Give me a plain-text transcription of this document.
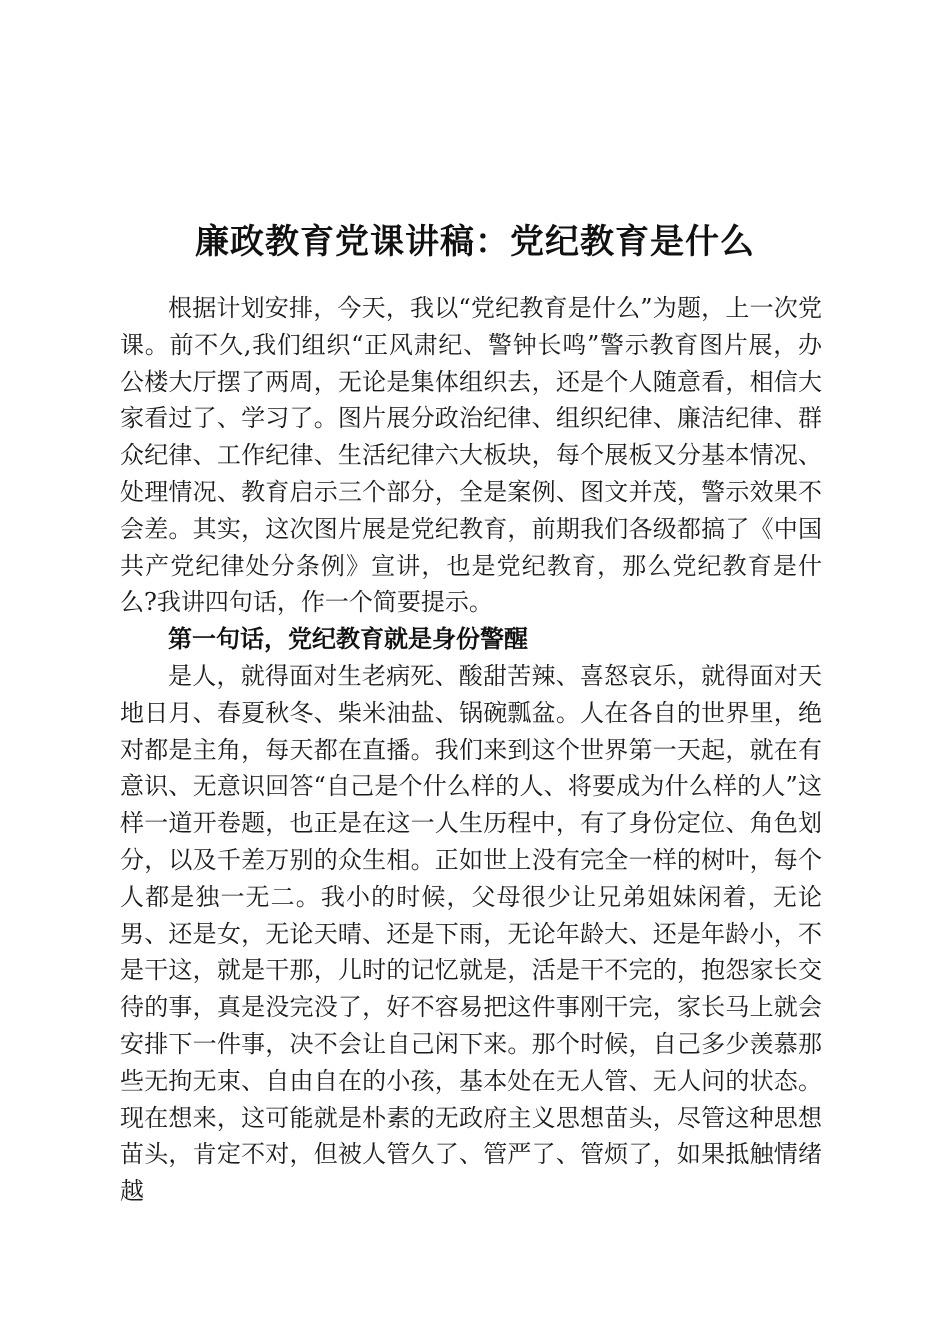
廉政教育党课讲稿：党纪教育是什么

根据计划安排，今天，我以“党纪教育是什么”为题，上一次党课。前不久,我们组织“正风肃纪、警钟长鸣”警示教育图片展，办公楼大厅摆了两周，无论是集体组织去，还是个人随意看，相信大家看过了、学习了。图片展分政治纪律、组织纪律、廉洁纪律、群众纪律、工作纪律、生活纪律六大板块，每个展板又分基本情况、处理情况、教育启示三个部分，全是案例、图文并茂，警示效果不会差。其实，这次图片展是党纪教育，前期我们各级都搞了《中国共产党纪律处分条例》宣讲，也是党纪教育，那么党纪教育是什么?我讲四句话，作一个简要提示。

第一句话，党纪教育就是身份警醒

是人，就得面对生老病死、酸甜苦辣、喜怒哀乐，就得面对天地日月、春夏秋冬、柴米油盐、锅碗瓢盆。人在各自的世界里，绝对都是主角，每天都在直播。我们来到这个世界第一天起，就在有意识、无意识回答“自己是个什么样的人、将要成为什么样的人”这样一道开卷题，也正是在这一人生历程中，有了身份定位、角色划分，以及千差万别的众生相。正如世上没有完全一样的树叶，每个人都是独一无二。我小的时候，父母很少让兄弟姐妹闲着，无论男、还是女，无论天晴、还是下雨，无论年龄大、还是年龄小，不是干这，就是干那，儿时的记忆就是，活是干不完的，抱怨家长交待的事，真是没完没了，好不容易把这件事刚干完，家长马上就会安排下一件事，决不会让自己闲下来。那个时候，自己多少羡慕那些无拘无束、自由自在的小孩，基本处在无人管、无人问的状态。现在想来，这可能就是朴素的无政府主义思想苗头，尽管这种思想苗头，肯定不对，但被人管久了、管严了、管烦了，如果抵触情绪越
